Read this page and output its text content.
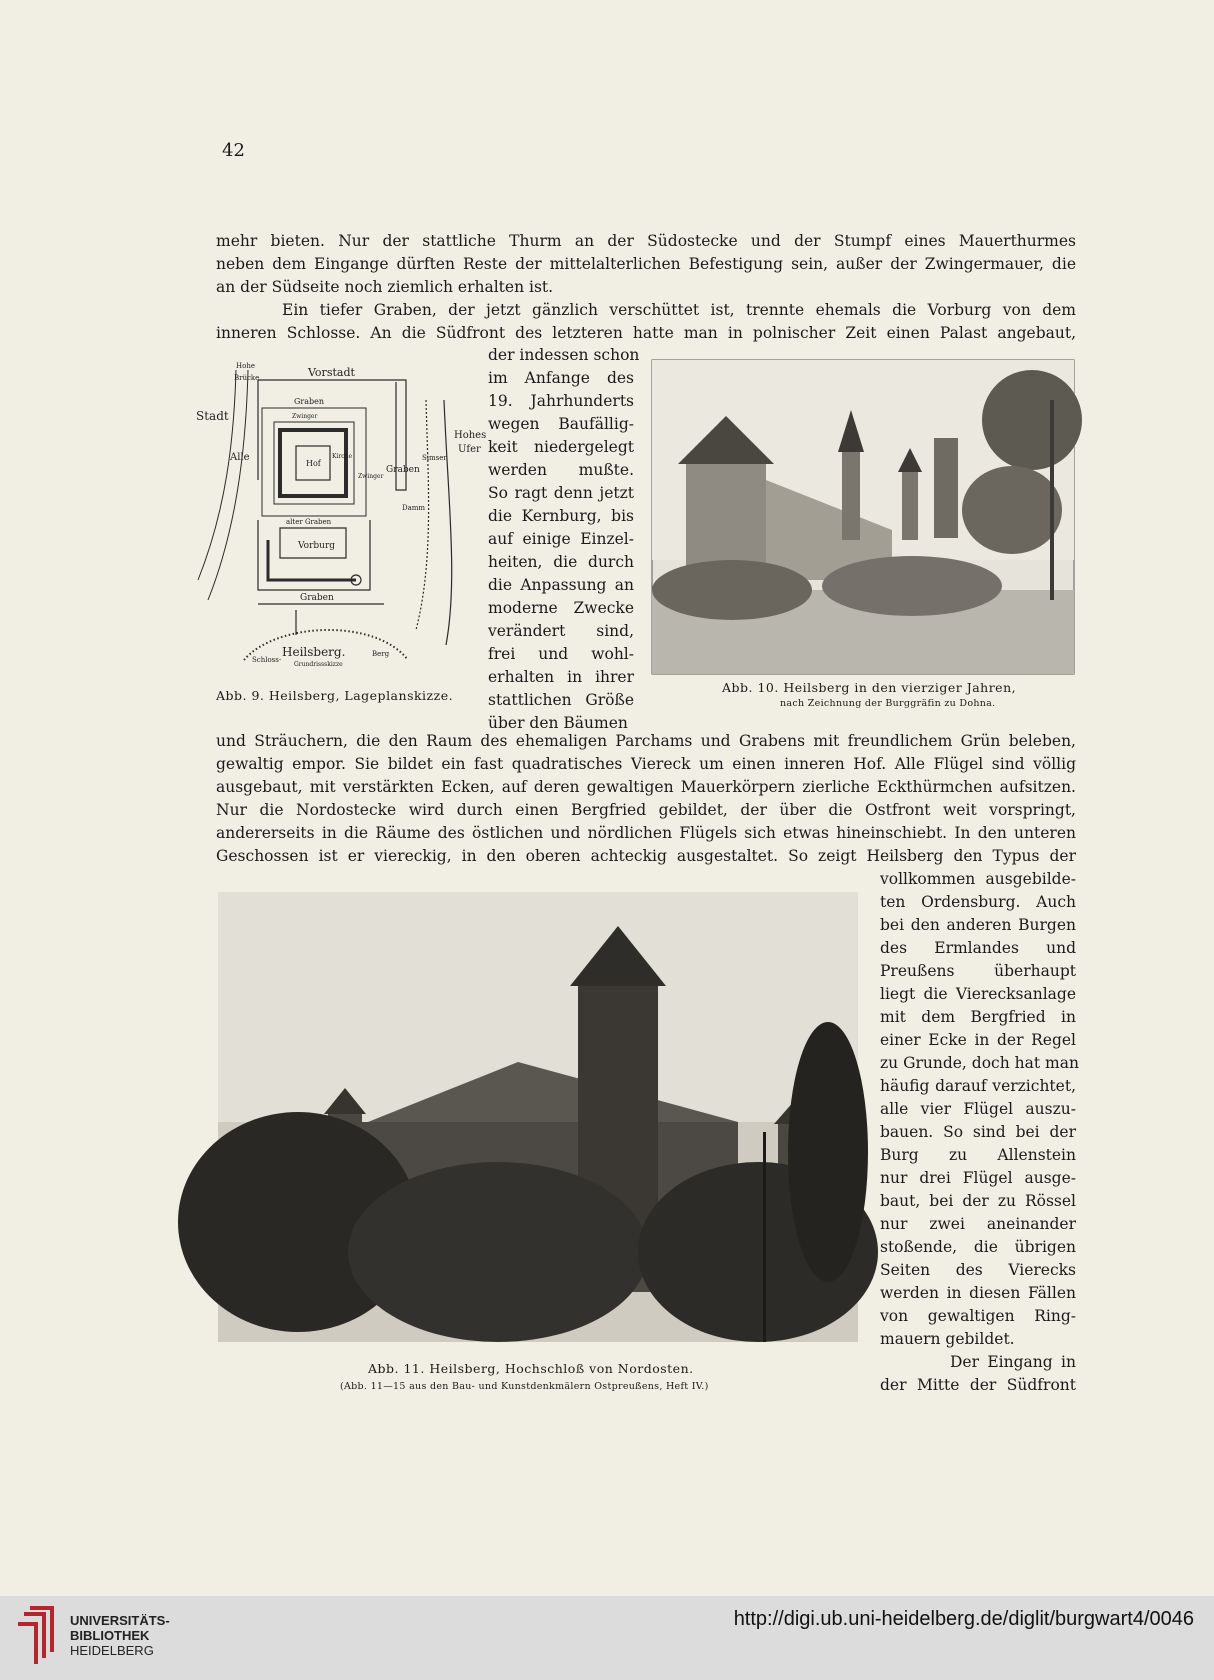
42
mehr bieten. Nur der stattliche Thurm an der Südostecke und der Stumpf eines Mauerthurmes
neben dem Eingange dürften Reste der mittelalterlichen Befestigung sein, außer der Zwingermauer, die
an der Südseite noch ziemlich erhalten ist.
Ein tiefer Graben, der jetzt gänzlich verschüttet ist, trennte ehemals die Vorburg von dem
inneren Schlosse. An die Südfront des letzteren hatte man in polnischer Zeit einen Palast angebaut,
der indessen schon
im Anfange des
19. Jahrhunderts
wegen Baufällig-
keit niedergelegt
werden mußte.
So ragt denn jetzt
die Kernburg, bis
auf einige Einzel-
heiten, die durch
die Anpassung an
moderne Zwecke
verändert sind,
frei und wohl-
erhalten in ihrer
stattlichen Größe
über den Bäumen
Hohe
Brücke	Vorstadt
Stadt
Alle
Graben
Zwinger
Hof
Kirche
Zwinger
Graben
Damm
Simser
Hohes
Ufer
alter Graben
Vorburg
Graben
Heilsberg.
Grundrissskizze
Schloss-
Berg
Abb. 9. Heilsberg, Lageplanskizze.
Abb. 10. Heilsberg in den vierziger Jahren,
nach Zeichnung der Burggräfin zu Dohna.
und Sträuchern, die den Raum des ehemaligen Parchams und Grabens mit freundlichem Grün beleben,
gewaltig empor. Sie bildet ein fast quadratisches Viereck um einen inneren Hof. Alle Flügel sind völlig
ausgebaut, mit verstärkten Ecken, auf deren gewaltigen Mauerkörpern zierliche Eckthürmchen aufsitzen.
Nur die Nordostecke wird durch einen Bergfried gebildet, der über die Ostfront weit vorspringt,
andererseits in die Räume des östlichen und nördlichen Flügels sich etwas hineinschiebt. In den unteren
Geschossen ist er viereckig, in den oberen achteckig ausgestaltet. So zeigt Heilsberg den Typus der
Abb. 11. Heilsberg, Hochschloß von Nordosten.
(Abb. 11—15 aus den Bau- und Kunstdenkmälern Ostpreußens, Heft IV.)
vollkommen ausgebilde-
ten Ordensburg. Auch
bei den anderen Burgen
des Ermlandes und
Preußens überhaupt
liegt die Vierecksanlage
mit dem Bergfried in
einer Ecke in der Regel
zu Grunde, doch hat man
häufig darauf verzichtet,
alle vier Flügel auszu-
bauen. So sind bei der
Burg zu Allenstein
nur drei Flügel ausge-
baut, bei der zu Rössel
nur zwei aneinander
stoßende, die übrigen
Seiten des Vierecks
werden in diesen Fällen
von gewaltigen Ring-
mauern gebildet.
Der Eingang in
der Mitte der Südfront
UNIVERSITÄTS-
BIBLIOTHEK
HEIDELBERG
http://digi.ub.uni-heidelberg.de/diglit/burgwart4/0046
